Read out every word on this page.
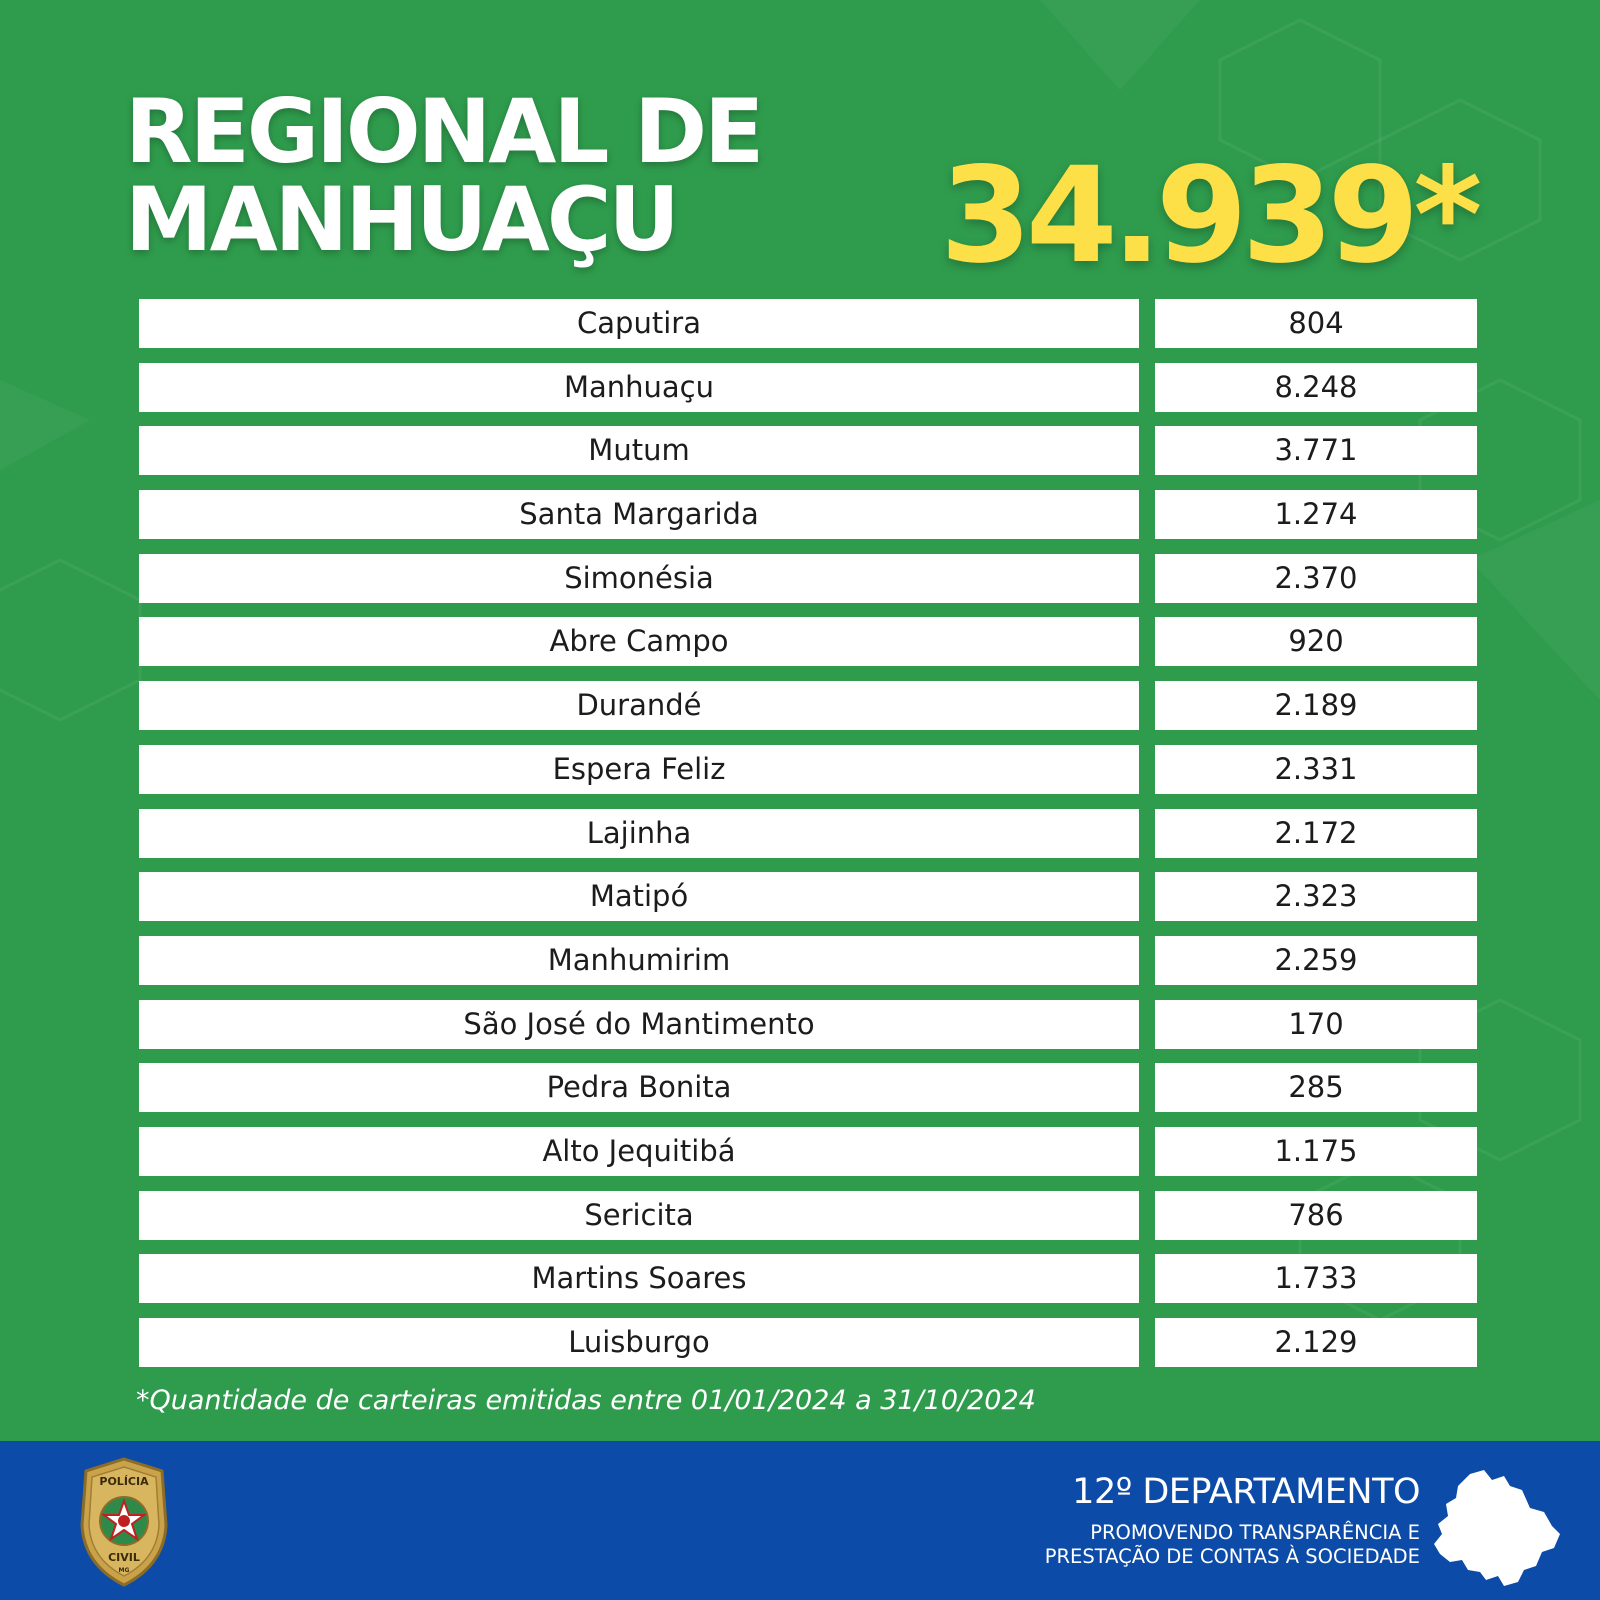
REGIONAL DE
MANHUAÇU	34.939*
Caputira	804
Manhuaçu	8.248
Mutum	3.771
Santa Margarida	1.274
Simonésia	2.370
Abre Campo	920
Durandé	2.189
Espera Feliz	2.331
Lajinha	2.172
Matipó	2.323
Manhumirim	2.259
São José do Mantimento	170
Pedra Bonita	285
Alto Jequitibá	1.175
Sericita	786
Martins Soares	1.733
Luisburgo	2.129
*Quantidade de carteiras emitidas entre 01/01/2024 a 31/10/2024
POLÍCIA
CIVIL
MG
12º DEPARTAMENTO
PROMOVENDO TRANSPARÊNCIA E
PRESTAÇÃO DE CONTAS À SOCIEDADE
